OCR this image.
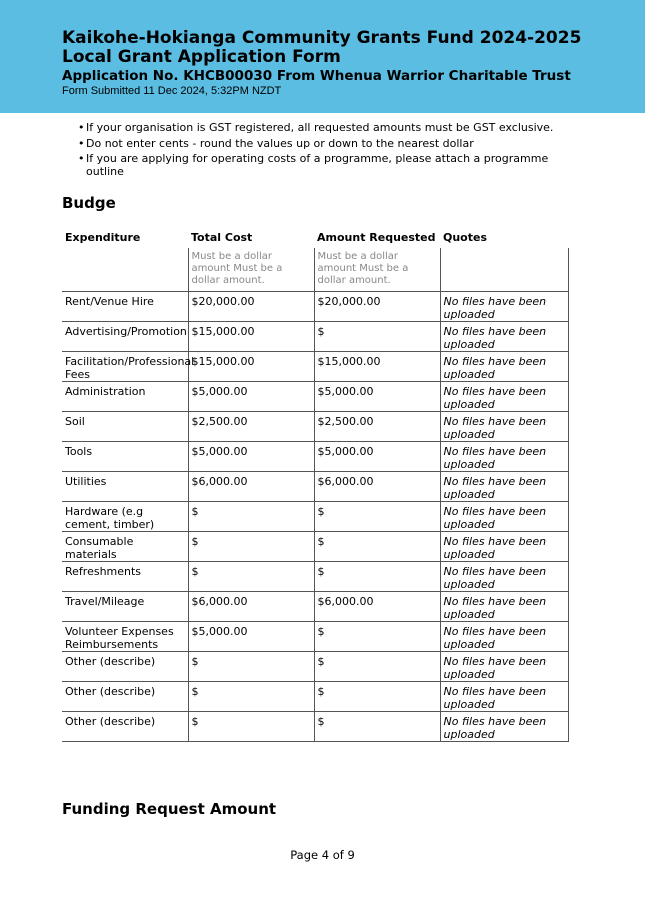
Kaikohe-Hokianga Community Grants Fund 2024-2025
Local Grant Application Form
Application No. KHCB00030 From Whenua Warrior Charitable Trust
Form Submitted 11 Dec 2024, 5:32PM NZDT
• If your organisation is GST registered, all requested amounts must be GST exclusive.
• Do not enter cents - round the values up or down to the nearest dollar
• If you are applying for operating costs of a programme, please attach a programme outline
Budge
Expenditure	Total Cost	Amount Requested	Quotes
	Must be a dollar amount Must be a dollar amount.	Must be a dollar amount Must be a dollar amount.	
Rent/Venue Hire	$20,000.00	$20,000.00	No files have been uploaded
Advertising/Promotion	$15,000.00	$	No files have been uploaded
Facilitation/Professional Fees	$15,000.00	$15,000.00	No files have been uploaded
Administration	$5,000.00	$5,000.00	No files have been uploaded
Soil	$2,500.00	$2,500.00	No files have been uploaded
Tools	$5,000.00	$5,000.00	No files have been uploaded
Utilities	$6,000.00	$6,000.00	No files have been uploaded
Hardware (e.g cement, timber)	$	$	No files have been uploaded
Consumable materials	$	$	No files have been uploaded
Refreshments	$	$	No files have been uploaded
Travel/Mileage	$6,000.00	$6,000.00	No files have been uploaded
Volunteer Expenses Reimbursements	$5,000.00	$	No files have been uploaded
Other (describe)	$	$	No files have been uploaded
Other (describe)	$	$	No files have been uploaded
Other (describe)	$	$	No files have been uploaded
Funding Request Amount
Page 4 of 9
